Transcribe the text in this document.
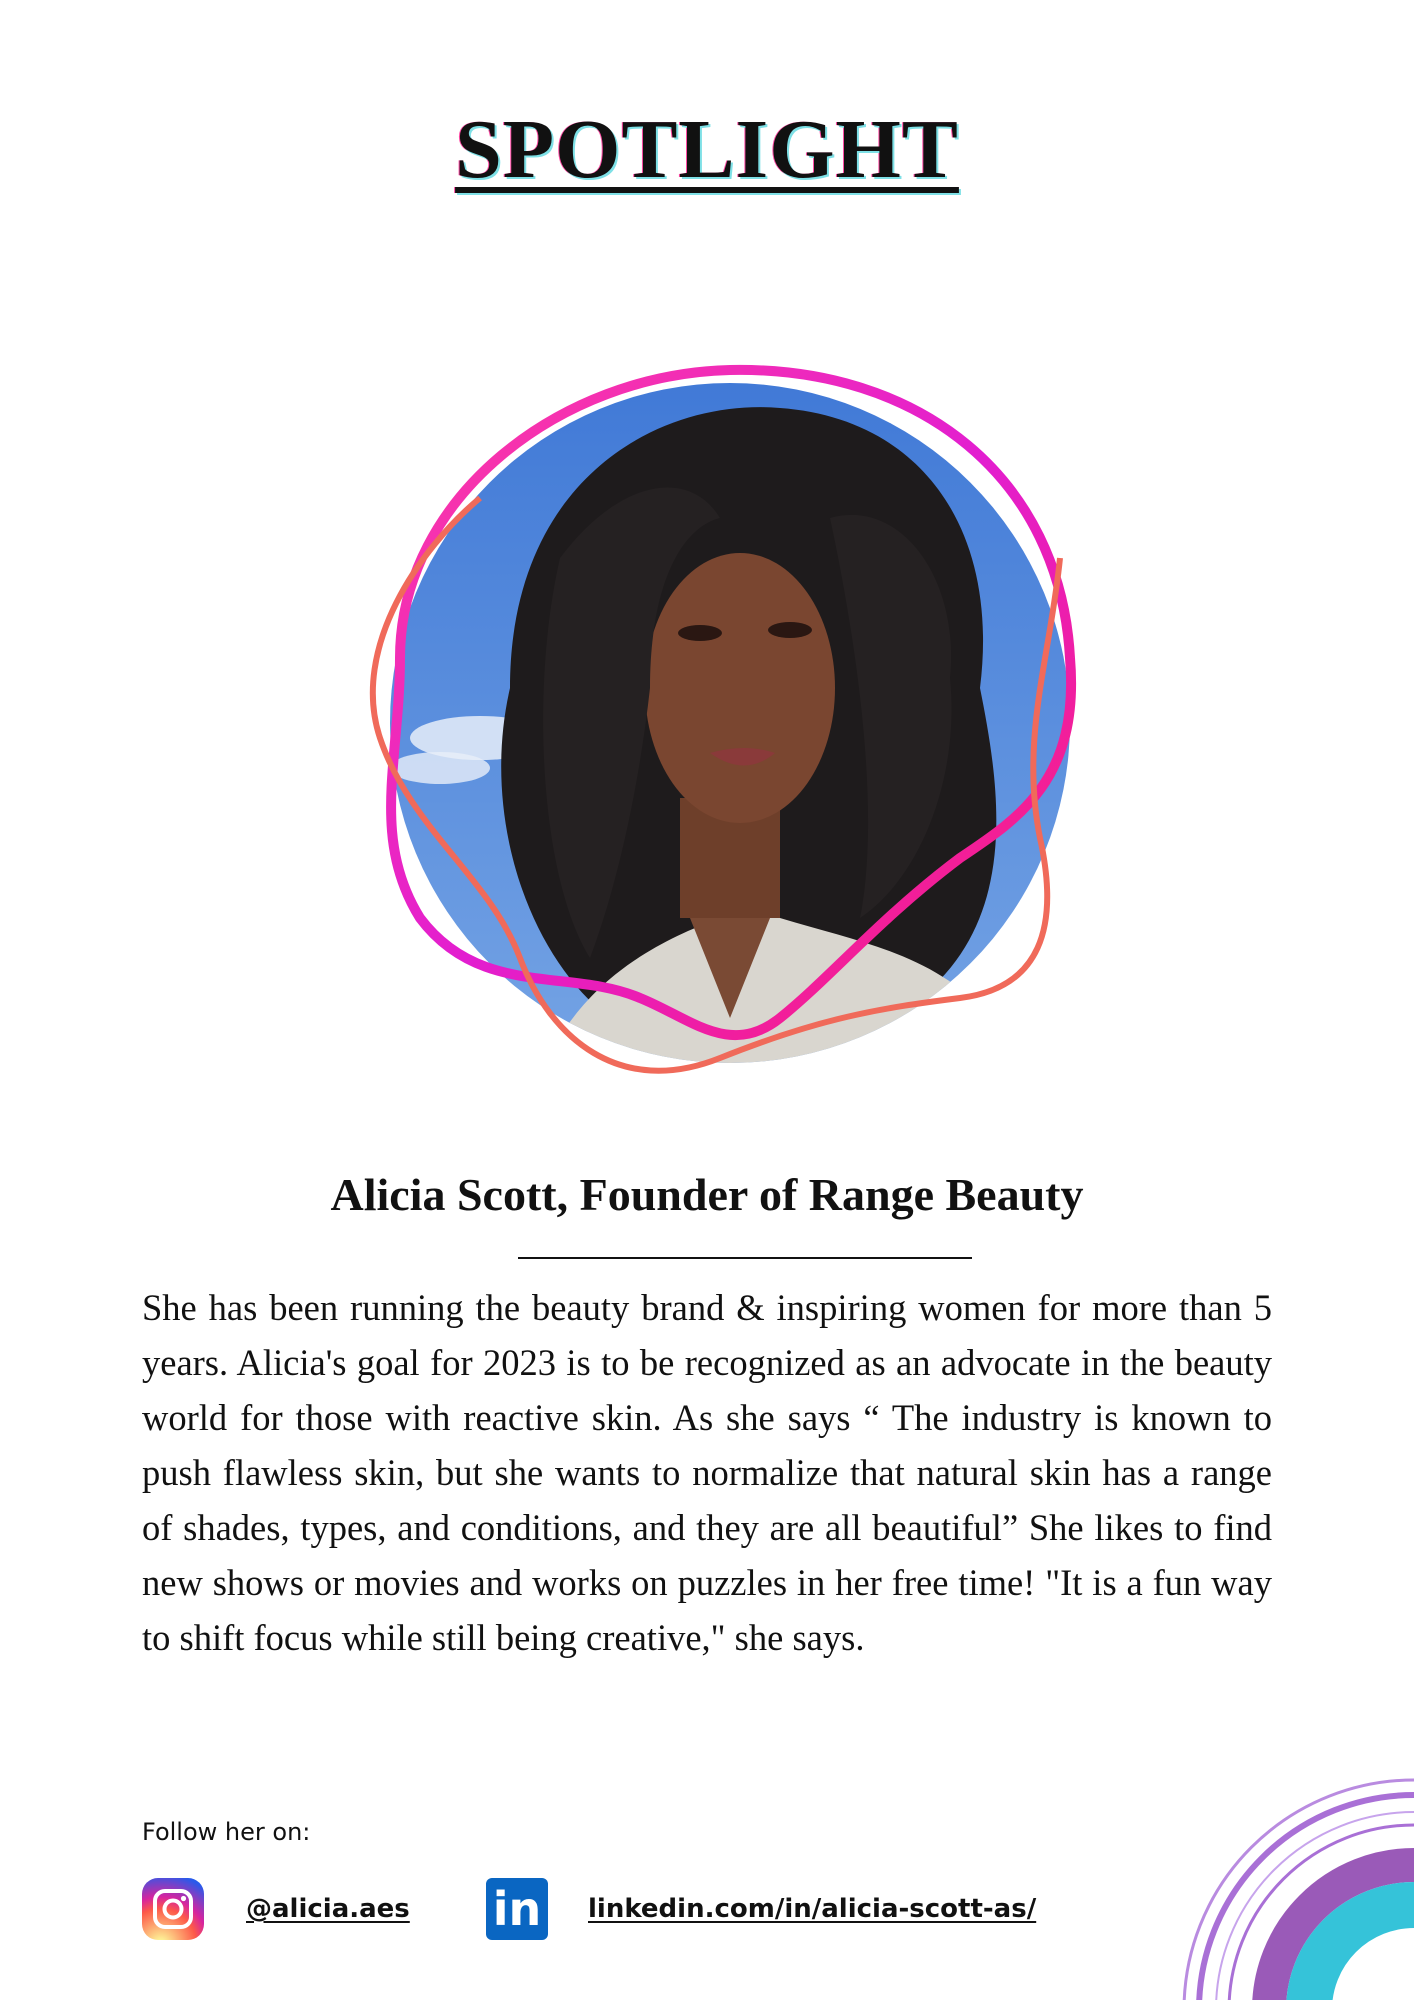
SPOTLIGHT
Alicia Scott, Founder of Range Beauty

She has been running the beauty brand & inspiring women for more than 5 years. Alicia's goal for 2023 is to be recognized as an advocate in the beauty world for those with reactive skin. As she says “ The industry is known to push flawless skin, but she wants to normalize that natural skin has a range of shades, types, and conditions, and they are all beautiful” She likes to find new shows or movies and works on puzzles in her free time! "It is a fun way to shift focus while still being creative," she says.

Follow her on:
@alicia.aes in linkedin.com/in/alicia-scott-as/
